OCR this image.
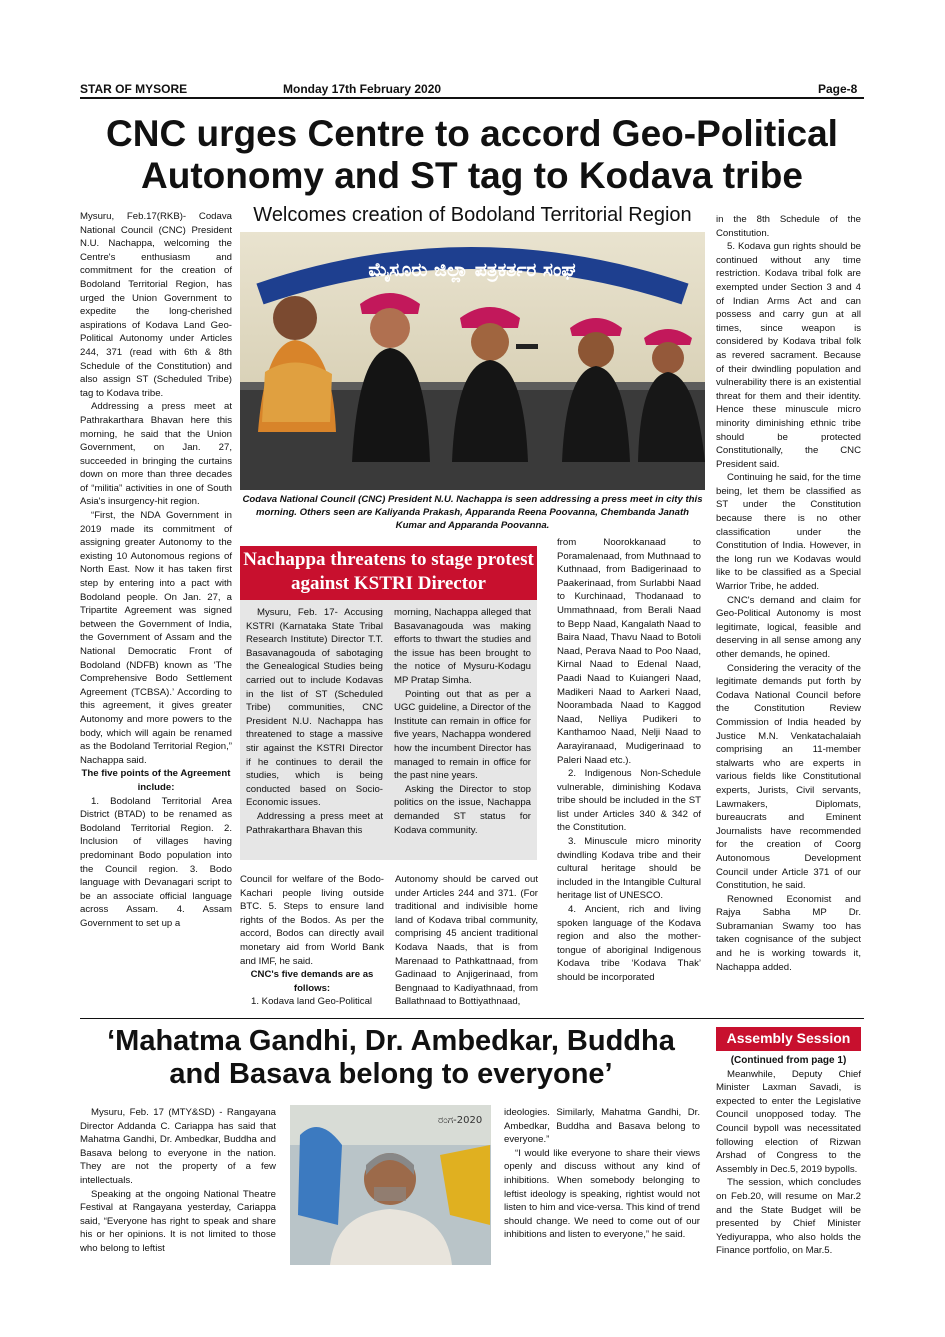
STAR OF MYSORE	Monday 17th February 2020	Page-8
CNC urges Centre to accord Geo-Political
Autonomy and ST tag to Kodava tribe
Welcomes creation of Bodoland Territorial Region

Mysuru, Feb.17(RKB)- Codava National Council (CNC) President N.U. Nachappa, welcoming the Centre's enthusiasm and commitment for the creation of Bodoland Territorial Region, has urged the Union Government to expedite the long-cherished aspirations of Kodava Land Geo-Political Autonomy under Articles 244, 371 (read with 6th & 8th Schedule of the Constitution) and also assign ST (Scheduled Tribe) tag to Kodava tribe.

Addressing a press meet at Pathrakarthara Bhavan here this morning, he said that the Union Government, on Jan. 27, succeeded in bringing the curtains down on more than three decades of “militia” activities in one of South Asia's insurgency-hit region.

“First, the NDA Government in 2019 made its commitment of assigning greater Autonomy to the existing 10 Autonomous regions of North East. Now it has taken first step by entering into a pact with Bodoland people. On Jan. 27, a Tripartite Agreement was signed between the Government of India, the Government of Assam and the National Democratic Front of Bodoland (NDFB) known as ‘The Comprehensive Bodo Settlement Agreement (TCBSA).’ According to this agreement, it gives greater Autonomy and more powers to the body, which will again be renamed as the Bodoland Territorial Region,” Nachappa said.

The five points of the Agreement include:

1. Bodoland Territorial Area District (BTAD) to be renamed as Bodoland Territorial Region. 2. Inclusion of villages having predominant Bodo population into the Council region. 3. Bodo language with Devanagari script to be an associate official language across Assam. 4. Assam Government to set up a

ಮೈಸೂರು ಜಿಲ್ಲಾ ಪತ್ರಕರ್ತರ ಸಂಘ
Codava National Council (CNC) President N.U. Nachappa is seen addressing a press meet in city this morning. Others seen are Kaliyanda Prakash, Apparanda Reena Poovanna, Chembanda Janath Kumar and Apparanda Poovanna.
Nachappa threatens to stage protest
against KSTRI Director

Mysuru, Feb. 17- Accusing KSTRI (Karnataka State Tribal Research Institute) Director T.T. Basavanagouda of sabotaging the Genealogical Studies being carried out to include Kodavas in the list of ST (Scheduled Tribe) communities, CNC President N.U. Nachappa has threatened to stage a massive stir against the KSTRI Director if he continues to derail the studies, which is being conducted based on Socio-Economic issues.

Addressing a press meet at Pathrakarthara Bhavan this

morning, Nachappa alleged that Basavanagouda was making efforts to thwart the studies and the issue has been brought to the notice of Mysuru-Kodagu MP Pratap Simha.

Pointing out that as per a UGC guideline, a Director of the Institute can remain in office for five years, Nachappa wondered how the incumbent Director has managed to remain in office for the past nine years.

Asking the Director to stop politics on the issue, Nachappa demanded ST status for Kodava community.

Council for welfare of the Bodo-Kachari people living outside BTC. 5. Steps to ensure land rights of the Bodos. As per the accord, Bodos can directly avail monetary aid from World Bank and IMF, he said.

CNC's five demands are as follows:

1. Kodava land Geo-Political

Autonomy should be carved out under Articles 244 and 371. (For traditional and indivisible home land of Kodava tribal community, comprising 45 ancient traditional Kodava Naads, that is from Marenaad to Pathkattnaad, from Gadinaad to Anjigerinaad, from Bengnaad to Kadiyathnaad, from Ballathnaad to Bottiyathnaad,

from Noorokkanaad to Poramalenaad, from Muthnaad to Kuthnaad, from Badigerinaad to Paakerinaad, from Surlabbi Naad to Kurchinaad, Thodanaad to Ummathnaad, from Berali Naad to Bepp Naad, Kangalath Naad to Baira Naad, Thavu Naad to Botoli Naad, Perava Naad to Poo Naad, Kirnal Naad to Edenal Naad, Paadi Naad to Kuiangeri Naad, Madikeri Naad to Aarkeri Naad, Noorambada Naad to Kaggod Naad, Nelliya Pudikeri to Kanthamoo Naad, Nelji Naad to Aarayiranaad, Mudigerinaad to Paleri Naad etc.).

2. Indigenous Non-Schedule vulnerable, diminishing Kodava tribe should be included in the ST list under Articles 340 & 342 of the Constitution.

3. Minuscule micro minority dwindling Kodava tribe and their cultural heritage should be included in the Intangible Cultural heritage list of UNESCO.

4. Ancient, rich and living spoken language of the Kodava region and also the mother-tongue of aboriginal Indigenous Kodava tribe ‘Kodava Thak’ should be incorporated

in the 8th Schedule of the Constitution.

5. Kodava gun rights should be continued without any time restriction. Kodava tribal folk are exempted under Section 3 and 4 of Indian Arms Act and can possess and carry gun at all times, since weapon is considered by Kodava tribal folk as revered sacrament. Because of their dwindling population and vulnerability there is an existential threat for them and their identity. Hence these minuscule micro minority diminishing ethnic tribe should be protected Constitutionally, the CNC President said.

Continuing he said, for the time being, let them be classified as ST under the Constitution because there is no other classification under the Constitution of India. However, in the long run we Kodavas would like to be classified as a Special Warrior Tribe, he added.

CNC's demand and claim for Geo-Political Autonomy is most legitimate, logical, feasible and deserving in all sense among any other demands, he opined.

Considering the veracity of the legitimate demands put forth by Codava National Council before the Constitution Review Commission of India headed by Justice M.N. Venkatachalaiah comprising an 11-member stalwarts who are experts in various fields like Constitutional experts, Jurists, Civil servants, Lawmakers, Diplomats, bureaucrats and Eminent Journalists have recommended for the creation of Coorg Autonomous Development Council under Article 371 of our Constitution, he said.

Renowned Economist and Rajya Sabha MP Dr. Subramanian Swamy too has taken cognisance of the subject and he is working towards it, Nachappa added.

‘Mahatma Gandhi, Dr. Ambedkar, Buddha
and Basava belong to everyone’

Mysuru, Feb. 17 (MTY&SD) - Rangayana Director Addanda C. Cariappa has said that Mahatma Gandhi, Dr. Ambedkar, Buddha and Basava belong to everyone in the nation. They are not the property of a few intellectuals.

Speaking at the ongoing National Theatre Festival at Rangayana yesterday, Cariappa said, “Everyone has right to speak and share his or her opinions. It is not limited to those who belong to leftist

ರಂಗ-2020

ideologies. Similarly, Mahatma Gandhi, Dr. Ambedkar, Buddha and Basava belong to everyone.”

“I would like everyone to share their views openly and discuss without any kind of inhibitions. When somebody belonging to leftist ideology is speaking, rightist would not listen to him and vice-versa. This kind of trend should change. We need to come out of our inhibitions and listen to everyone,” he said.

Assembly Session

(Continued from page 1)

Meanwhile, Deputy Chief Minister Laxman Savadi, is expected to enter the Legislative Council unopposed today. The Council bypoll was necessitated following election of Rizwan Arshad of Congress to the Assembly in Dec.5, 2019 bypolls.

The session, which concludes on Feb.20, will resume on Mar.2 and the State Budget will be presented by Chief Minister Yediyurappa, who also holds the Finance portfolio, on Mar.5.
